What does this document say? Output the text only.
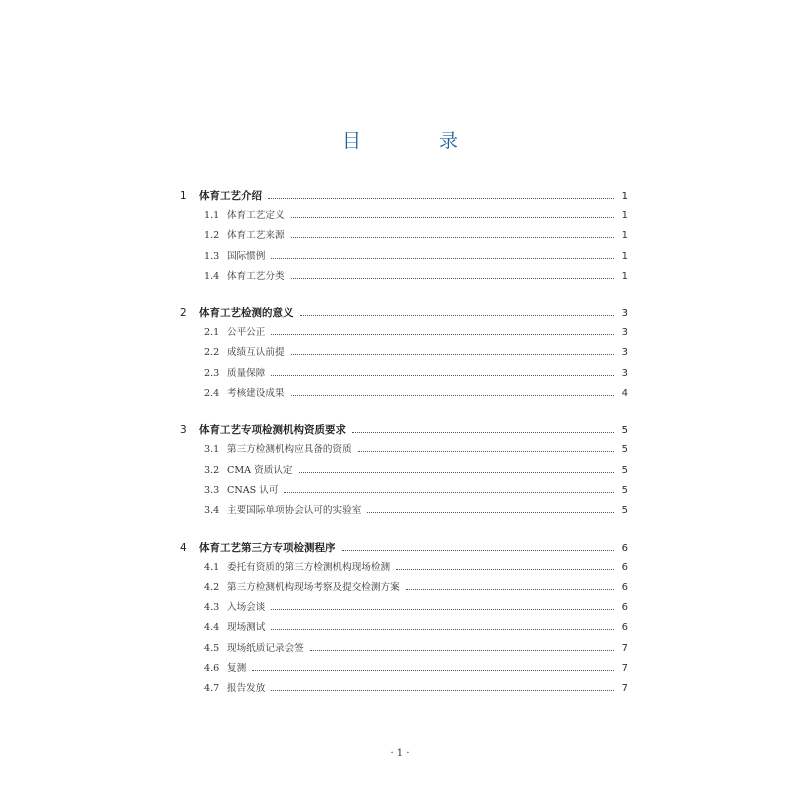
目 录
1	体育工艺介绍	1
1.1 体育工艺定义	1
1.2 体育工艺来源	1
1.3 国际惯例	1
1.4 体育工艺分类	1
2	体育工艺检测的意义	3
2.1 公平公正	3
2.2 成绩互认前提	3
2.3 质量保障	3
2.4 考核建设成果	4
3	体育工艺专项检测机构资质要求	5
3.1 第三方检测机构应具备的资质	5
3.2 CMA 资质认定	5
3.3 CNAS 认可	5
3.4 主要国际单项协会认可的实验室	5
4	体育工艺第三方专项检测程序	6
4.1 委托有资质的第三方检测机构现场检测	6
4.2 第三方检测机构现场考察及提交检测方案	6
4.3 入场会谈	6
4.4 现场测试	6
4.5 现场纸质记录会签	7
4.6 复测	7
4.7 报告发放	7
· 1 ·
